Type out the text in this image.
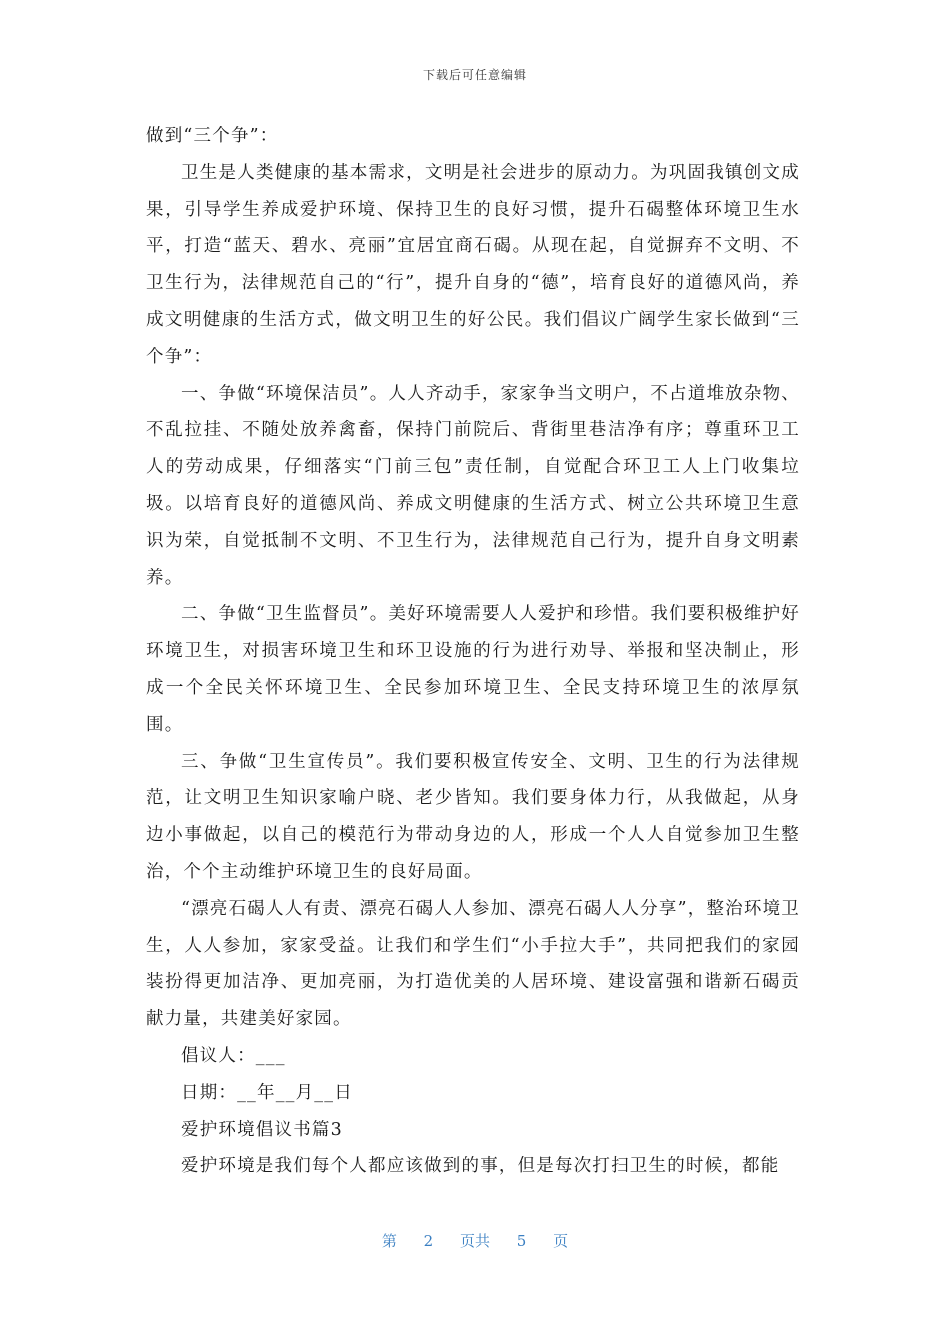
下载后可任意编辑

做到“三个争”：

卫生是人类健康的基本需求，文明是社会进步的原动力。为巩固我镇创文成果，引导学生养成爱护环境、保持卫生的良好习惯，提升石碣整体环境卫生水平，打造“蓝天、碧水、亮丽”宜居宜商石碣。从现在起，自觉摒弃不文明、不卫生行为，法律规范自己的“行”，提升自身的“德”，培育良好的道德风尚，养成文明健康的生活方式，做文明卫生的好公民。我们倡议广阔学生家长做到“三个争”：

一、争做“环境保洁员”。人人齐动手，家家争当文明户，不占道堆放杂物、不乱拉挂、不随处放养禽畜，保持门前院后、背街里巷洁净有序；尊重环卫工人的劳动成果，仔细落实“门前三包”责任制，自觉配合环卫工人上门收集垃圾。以培育良好的道德风尚、养成文明健康的生活方式、树立公共环境卫生意识为荣，自觉抵制不文明、不卫生行为，法律规范自己行为，提升自身文明素养。

二、争做“卫生监督员”。美好环境需要人人爱护和珍惜。我们要积极维护好环境卫生，对损害环境卫生和环卫设施的行为进行劝导、举报和坚决制止，形成一个全民关怀环境卫生、全民参加环境卫生、全民支持环境卫生的浓厚氛围。

三、争做“卫生宣传员”。我们要积极宣传安全、文明、卫生的行为法律规范，让文明卫生知识家喻户晓、老少皆知。我们要身体力行，从我做起，从身边小事做起，以自己的模范行为带动身边的人，形成一个人人自觉参加卫生整治，个个主动维护环境卫生的良好局面。

“漂亮石碣人人有责、漂亮石碣人人参加、漂亮石碣人人分享”，整治环境卫生，人人参加，家家受益。让我们和学生们“小手拉大手”，共同把我们的家园装扮得更加洁净、更加亮丽，为打造优美的人居环境、建设富强和谐新石碣贡献力量，共建美好家园。

倡议人：___

日期：__年__月__日

爱护环境倡议书篇3

爱护环境是我们每个人都应该做到的事，但是每次打扫卫生的时候，都能

第 2 页共 5 页
